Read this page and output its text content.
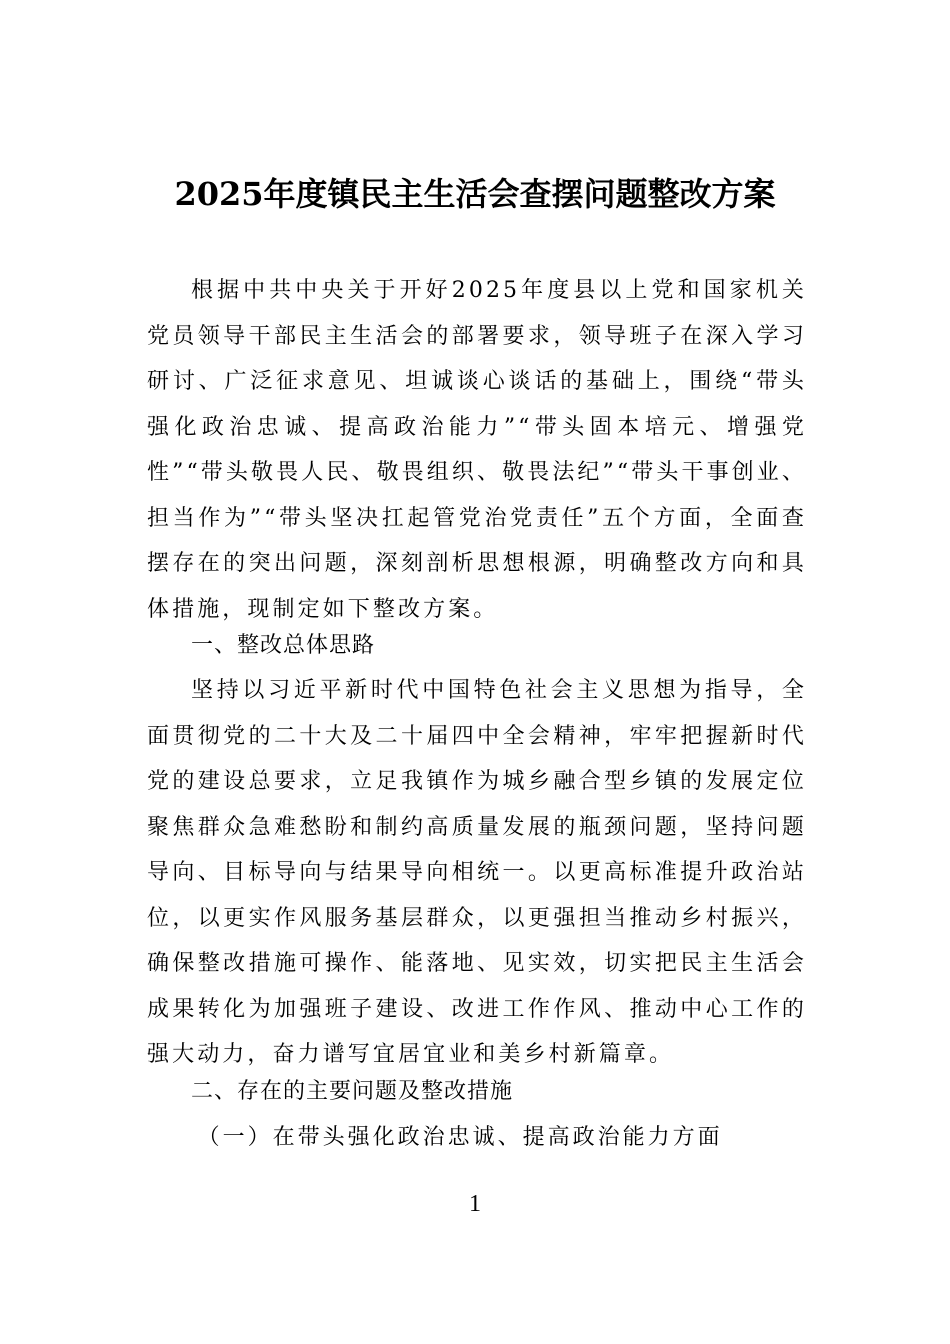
2025年度镇民主生活会查摆问题整改方案

根据中共中央关于开好2025年度县以上党和国家机关党员领导干部民主生活会的部署要求，领导班子在深入学习研讨、广泛征求意见、坦诚谈心谈话的基础上，围绕“带头强化政治忠诚、提高政治能力”“带头固本培元、增强党性”“带头敬畏人民、敬畏组织、敬畏法纪”“带头干事创业、担当作为”“带头坚决扛起管党治党责任”五个方面，全面查摆存在的突出问题，深刻剖析思想根源，明确整改方向和具体措施，现制定如下整改方案。

一、整改总体思路

坚持以习近平新时代中国特色社会主义思想为指导，全面贯彻党的二十大及二十届四中全会精神，牢牢把握新时代党的建设总要求，立足我镇作为城乡融合型乡镇的发展定位聚焦群众急难愁盼和制约高质量发展的瓶颈问题，坚持问题导向、目标导向与结果导向相统一。以更高标准提升政治站位，以更实作风服务基层群众，以更强担当推动乡村振兴，确保整改措施可操作、能落地、见实效，切实把民主生活会成果转化为加强班子建设、改进工作作风、推动中心工作的强大动力，奋力谱写宜居宜业和美乡村新篇章。

二、存在的主要问题及整改措施

（一）在带头强化政治忠诚、提高政治能力方面

1
